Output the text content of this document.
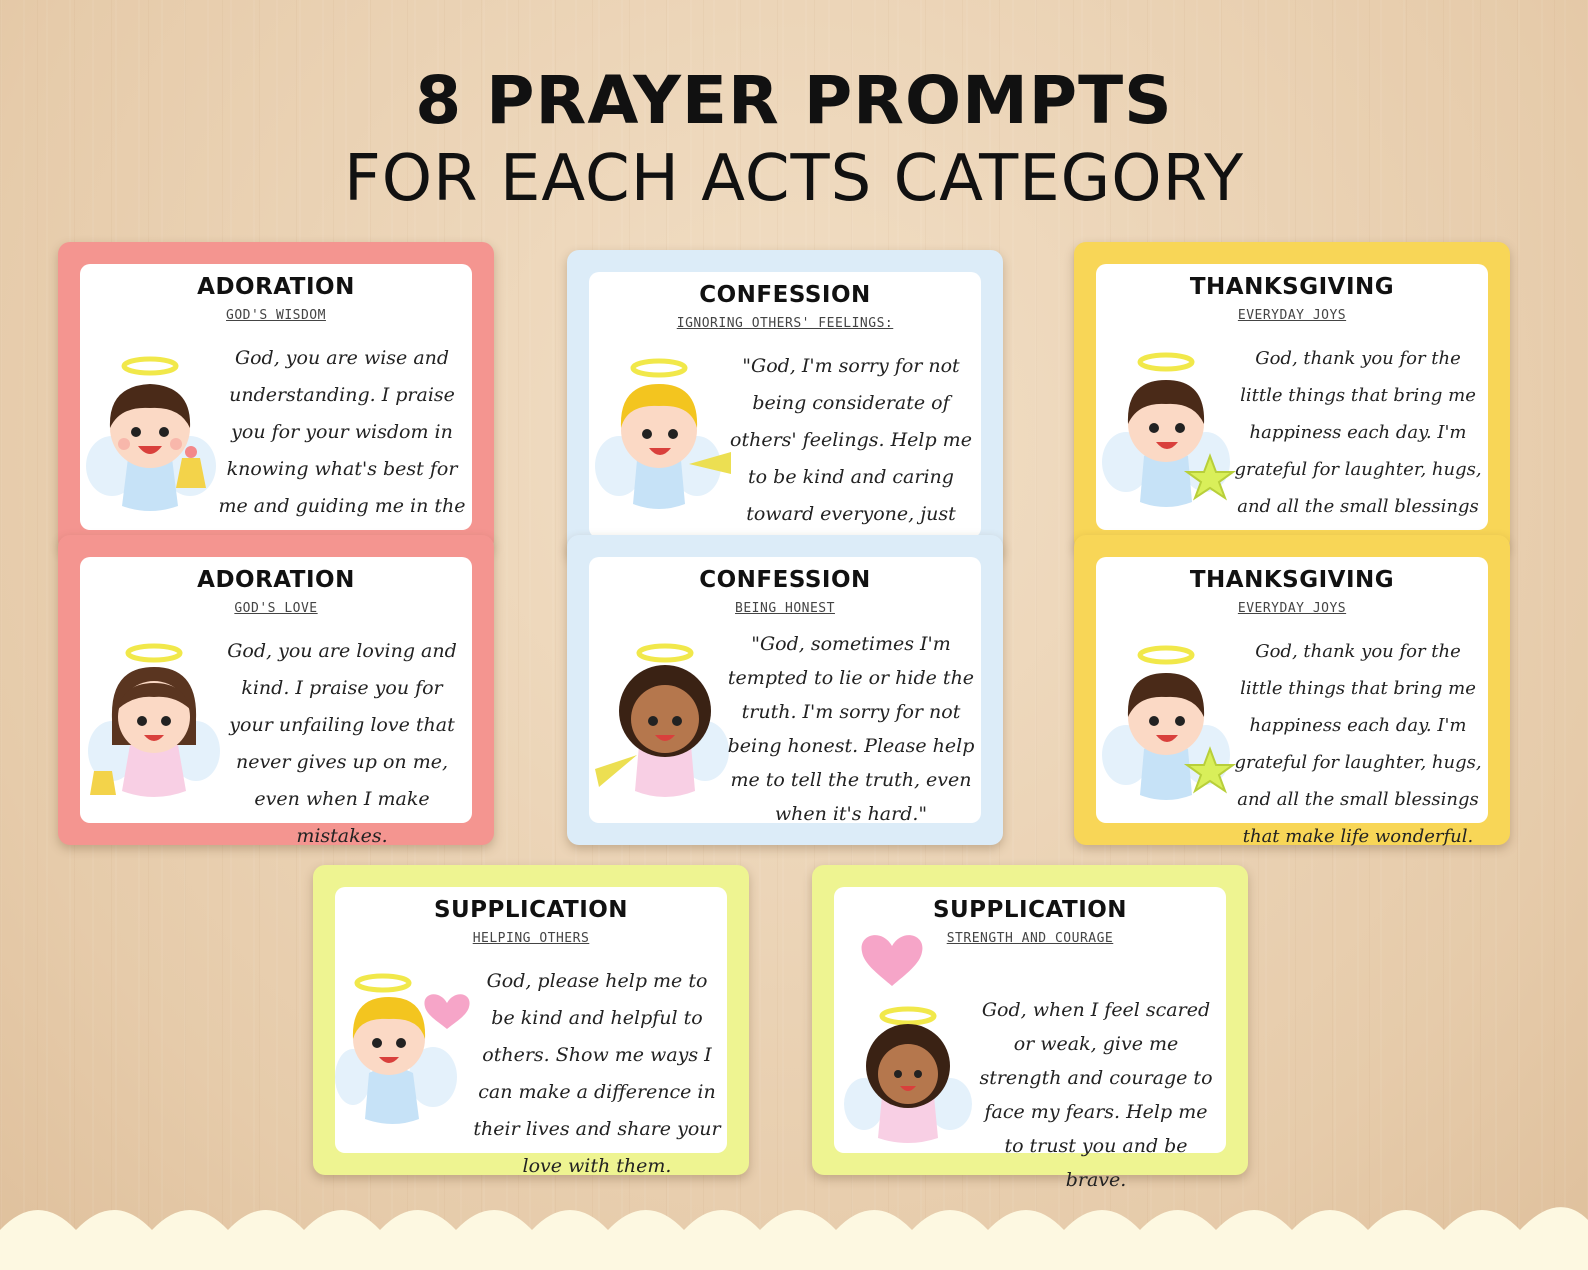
8 PRAYER PROMPTS
FOR EACH ACTS CATEGORY
ADORATION
GOD'S WISDOM
God, you are wise and understanding. I praise you for your wisdom in knowing what's best for me and guiding me in the
CONFESSION
IGNORING OTHERS' FEELINGS:
"God, I'm sorry for not being considerate of others' feelings. Help me to be kind and caring toward everyone, just
THANKSGIVING
EVERYDAY JOYS
God, thank you for the little things that bring me happiness each day. I'm grateful for laughter, hugs, and all the small blessings
ADORATION
GOD'S LOVE
God, you are loving and kind. I praise you for your unfailing love that never gives up on me, even when I make mistakes.
CONFESSION
BEING HONEST
"God, sometimes I'm tempted to lie or hide the truth. I'm sorry for not being honest. Please help me to tell the truth, even when it's hard."
THANKSGIVING
EVERYDAY JOYS
God, thank you for the little things that bring me happiness each day. I'm grateful for laughter, hugs, and all the small blessings that make life wonderful.
SUPPLICATION
HELPING OTHERS
God, please help me to be kind and helpful to others. Show me ways I can make a difference in their lives and share your love with them.
SUPPLICATION
STRENGTH AND COURAGE
God, when I feel scared or weak, give me strength and courage to face my fears. Help me to trust you and be brave.
